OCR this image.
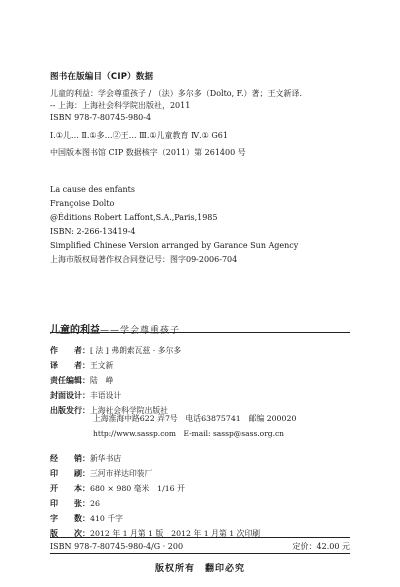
图书在版编目（CIP）数据
儿童的利益：学会尊重孩子 / （法）多尔多（Dolto, F.）著；王文新译．
-- 上海：上海社会科学院出版社，2011
ISBN 978-7-80745-980-4
Ⅰ.①儿… Ⅱ.①多…②王… Ⅲ.①儿童教育 Ⅳ.① G61
中国版本图书馆 CIP 数据核字（2011）第 261400 号
La cause des enfants
Françoise Dolto
@Éditions Robert Laffont,S.A.,Paris,1985
ISBN: 2-266-13419-4
Simplified Chinese Version arranged by Garance Sun Agency
上海市版权局著作权合同登记号：图字09-2006-704
儿童的利益——学会尊重孩子
作　　者：[ 法 ] 弗朗索瓦兹 · 多尔多
译　　者：王文新
责任编辑：陆　峥
封面设计：丰语设计
出版发行：上海社会科学院出版社
上海淮海中路622 弄7号　电话63875741　邮编 200020
http://www.sassp.com　E-mail: sassp@sass.org.cn
经　　销：新华书店
印　　刷：三河市祥达印装厂
开　　本：680 × 980 毫米　1/16 开
印　　张：26
字　　数：410 千字
版　　次：2012 年 1 月第 1 版　2012 年 1 月第 1 次印刷
ISBN 978-7-80745-980-4/G · 200	定价：42.00 元
版权所有　翻印必究
